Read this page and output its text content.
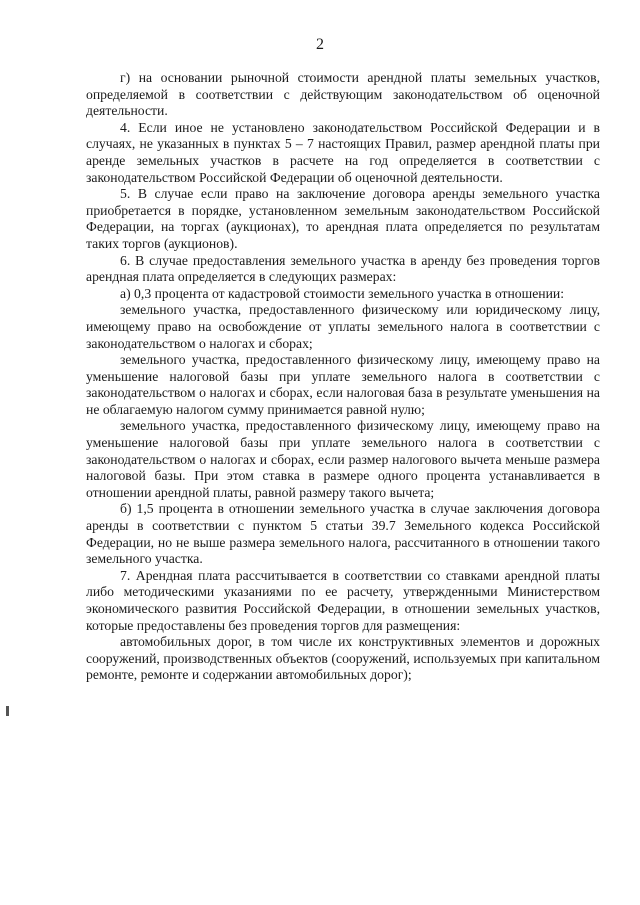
2

г) на основании рыночной стоимости арендной платы земельных участков, определяемой в соответствии с действующим законодательством об оценочной деятельности.

4. Если иное не установлено законодательством Российской Федерации и в случаях, не указанных в пунктах 5 – 7 настоящих Правил, размер арендной платы при аренде земельных участков в расчете на год определяется в соответствии с законодательством Российской Федерации об оценочной деятельности.

5. В случае если право на заключение договора аренды земельного участка приобретается в порядке, установленном земельным законодательством Российской Федерации, на торгах (аукционах), то арендная плата определяется по результатам таких торгов (аукционов).

6. В случае предоставления земельного участка в аренду без проведения торгов арендная плата определяется в следующих размерах:

а) 0,3 процента от кадастровой стоимости земельного участка в отношении:

земельного участка, предоставленного физическому или юридическому лицу, имеющему право на освобождение от уплаты земельного налога в соответствии с законодательством о налогах и сборах;

земельного участка, предоставленного физическому лицу, имеющему право на уменьшение налоговой базы при уплате земельного налога в соответствии с законодательством о налогах и сборах, если налоговая база в результате уменьшения на не облагаемую налогом сумму принимается равной нулю;

земельного участка, предоставленного физическому лицу, имеющему право на уменьшение налоговой базы при уплате земельного налога в соответствии с законодательством о налогах и сборах, если размер налогового вычета меньше размера налоговой базы. При этом ставка в размере одного процента устанавливается в отношении арендной платы, равной размеру такого вычета;

б) 1,5 процента в отношении земельного участка в случае заключения договора аренды в соответствии с пунктом 5 статьи 39.7 Земельного кодекса Российской Федерации, но не выше размера земельного налога, рассчитанного в отношении такого земельного участка.

7. Арендная плата рассчитывается в соответствии со ставками арендной платы либо методическими указаниями по ее расчету, утвержденными Министерством экономического развития Российской Федерации, в отношении земельных участков, которые предоставлены без проведения торгов для размещения:

автомобильных дорог, в том числе их конструктивных элементов и дорожных сооружений, производственных объектов (сооружений, используемых при капитальном ремонте, ремонте и содержании автомобильных дорог);
